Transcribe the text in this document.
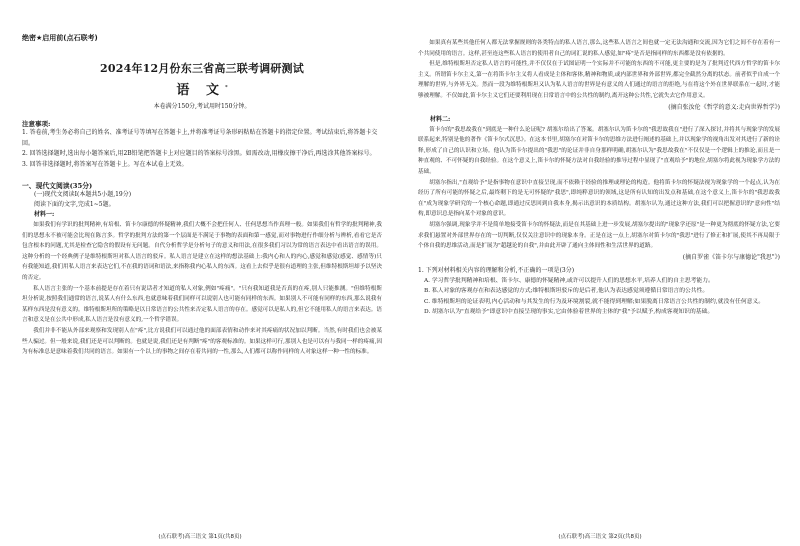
绝密★启用前(点石联考)
2024年12月份东三省高三联考调研测试
语 文*
本卷满分150分,考试用时150分钟。
注意事项:

1. 答卷前,考生务必将自己的姓名、准考证号等填写在答题卡上,并将准考证号条形码粘贴在答题卡的指定位置。考试结束后,将答题卡交回。

2. 回答选择题时,选出每小题答案后,用2B铅笔把答题卡上对应题目的答案标号涂黑。如需改动,用橡皮擦干净后,再选涂其他答案标号。

3. 回答非选择题时,将答案写在答题卡上。写在本试卷上无效。

一、现代文阅读(35分)
(一)现代文阅读Ⅰ(本题共5小题,19分)
阅读下面的文字,完成1~5题。
材料一:

如果我们有学识的批判精神,有培根、笛卡尔康德的怀疑精神,我们大概不会把任何人、任何思想当作真理一般。如果我们有哲学的批判精神,我们的思想永不被可能会比现在陈言多。哲学的批判方法的第一个层面是不满足于事物的表面和第一感觉,而对事物进行作细分析与辨析,看看它是否包含根本的问题,尤其是检查它隐含的假设有无问题。自代分析哲学是分析句子的意义和用法,在很多我们习以为常的语言表达中看出语言的误用。这种分析的一个经典例子是维特根斯坦对私人语言的驳斥。私人语言是建立在这样的想法基础上:我内心和人的内心,感觉和感觉(感觉、感情等)只有我能知道,我们用私人语言来表达它们,不在我的语词和语法,来指称我内心私人的东西。这看上去似乎是很有道理的主张,但维特根斯坦却予以坚决的否定。

私人语言主张的一个基本前提是存在着只有说话者才知道的私人对象,例如"疼痛"。"只有我知道我是否真的在疼,别人只能推测。"但维特根斯坦分析说,按照我们通常的语言,说某人有什么东西,也就意味着我们同样可以说别人也可能有同样的东西。如果别人不可能有同样的东西,那么说我有某样东西是没有意义的。维特根斯坦所的策略是以日常语言的公共性来否定私人语言的存在。感觉可以是私人的,但它不能用私人的语言来表达。语言和意义是在公共中形成,私人语言是没有意义的,一个哲学错误。

我们并非不能从外部来观察和发现别人在"疼",比方说我们可以通过他的面部表情和动作来对其疼痛的状况加以判断。当然,有时我们也会被某些人骗过。但一般来说,我们还是可以判断的。也就是说,我们还是有判断"疼"的客观标准的。如果这样可行,那别人也是可以有与我同一样的疼痛,因为有标准总是意味着我们共同的语言。如果有一个以上的事物之间存在着共同的一性,那么,人们都可以称作同样的人对象这样一种一性的标准。

(点石联考)高三语文 第1页(共8页)

如果真有某些其他任何人都无法掌握规则的各类特点的私人语言,那么,这些私人语言之间也就一定无法沟通和交流,因为它们之间不存在着有一个共同使用的语言。这样,甚至连这些私人语言的使用者自己的词汇说的私人感觉,如"疼"是否是指同样的东西都是没有依据的。

但是,维特根斯坦否定私人语言的可能性,并不仅仅在于试图证明一个实际并不可能的东西的不可能,更主要的是为了批判近代西方哲学的笛卡尔主义。所谓笛卡尔主义,第一在将笛卡尔主义将人看成是主体和客体,精神和物质,或内部世界和外部世界,都完全截然分离的状态。前者似乎自成一个理解的世界,与外界无关。然而一段为维特根斯坦又认为私人语言的世界是有意义的人们通过的语言的拒绝,与在将这个外在世界联系在一起时,才能够被理解。不仅如此,笛卡尔主义它们还要利用现在日常语言中的公共性的制约,离开这种公共性,它就失去它作用意义。

(摘自张汝伦《哲学的意义:走向世界哲学》)
材料二:

笛卡尔的"我思故我在"到底是一种什么论证呢? 胡塞尔给出了答案。胡塞尔认为笛卡尔的"我思故我在"进行了深入探讨,并将其与现象学的发展联系起来,特别是他的著作《笛卡尔式沉思》。在这本书里,胡塞尔在对笛卡尔的思维方法进行阐述的基础上,并以现象学的视角出发对其进行了新的诠释,形成了自己的认识和立场。他认为笛卡尔提出的"我思"的论证并非自身那样明确,胡塞尔认为"我思故我在"不仅仅是一个逻辑上的推论,而且是一种直观的、不可怀疑的自我经验。在这个意义上,笛卡尔的怀疑方法对自我经验的推导过程中显现了"直观给予"的地位,胡塞尔将此视为现象学方法的基础。

胡塞尔指出,"直观给予"是指事物在意识中直接呈现,而不依赖于经验的推理或理论的构造。他将笛卡尔的怀疑法视为现象学的一个起点,认为在经历了所有可能的怀疑之后,最终剩下的是无可怀疑的"我思",即纯粹意识的领域,这是所有认知的出发点和基础,在这个意义上,笛卡尔的"我思故我在"成为现象学研究的一个核心命题,即通过反思回到自我本身,揭示出意识的本质结构。胡塞尔认为,通过这种方法,我们可以把握意识的"意向性"结构,即意识总是指向某个对象的意识。

胡塞尔强调,现象学并不是简单地接受笛卡尔的怀疑法,而是在其基础上进一步发展,胡塞尔提出的"现象学还原"是一种更为彻底的怀疑方法,它要求我们悬置对外部世界存在的一切判断,仅仅关注意识中的现象本身。正是在这一点上,胡塞尔对笛卡尔的"我思"进行了修正和扩展,使其不再局限于个体自我的思维活动,而是扩展为"超越论的自我",并由此开辟了通向主体间性和生活世界的道路。

(摘自罗雀《笛卡尔与康德论"我思"》)

1. 下列对材料相关内容的理解和分析,不正确的一项是(3分)

A. 学习哲学批判精神和培根、笛卡尔、康德的怀疑精神,或许可以提升人们的思想水平,培养人们的自主思考能力。

B. 私人对象的客观存在和表达感觉的方式;维特根斯坦驳斥的是后者,他认为表达感觉须遵循日常语言的公共性。

C. 维特根斯坦的论证表明,内心活动和与其发生的行为及环境割裂,就不能得到理解;如果脱离日常语言公共性的制约,就没有任何意义。

D. 胡塞尔认为"直观给予"即意识中直接呈现的事实,它由体验着世界的主体的"我"予以赋予,构成客观知识的基础。

(点石联考)高三语文 第2页(共8页)
